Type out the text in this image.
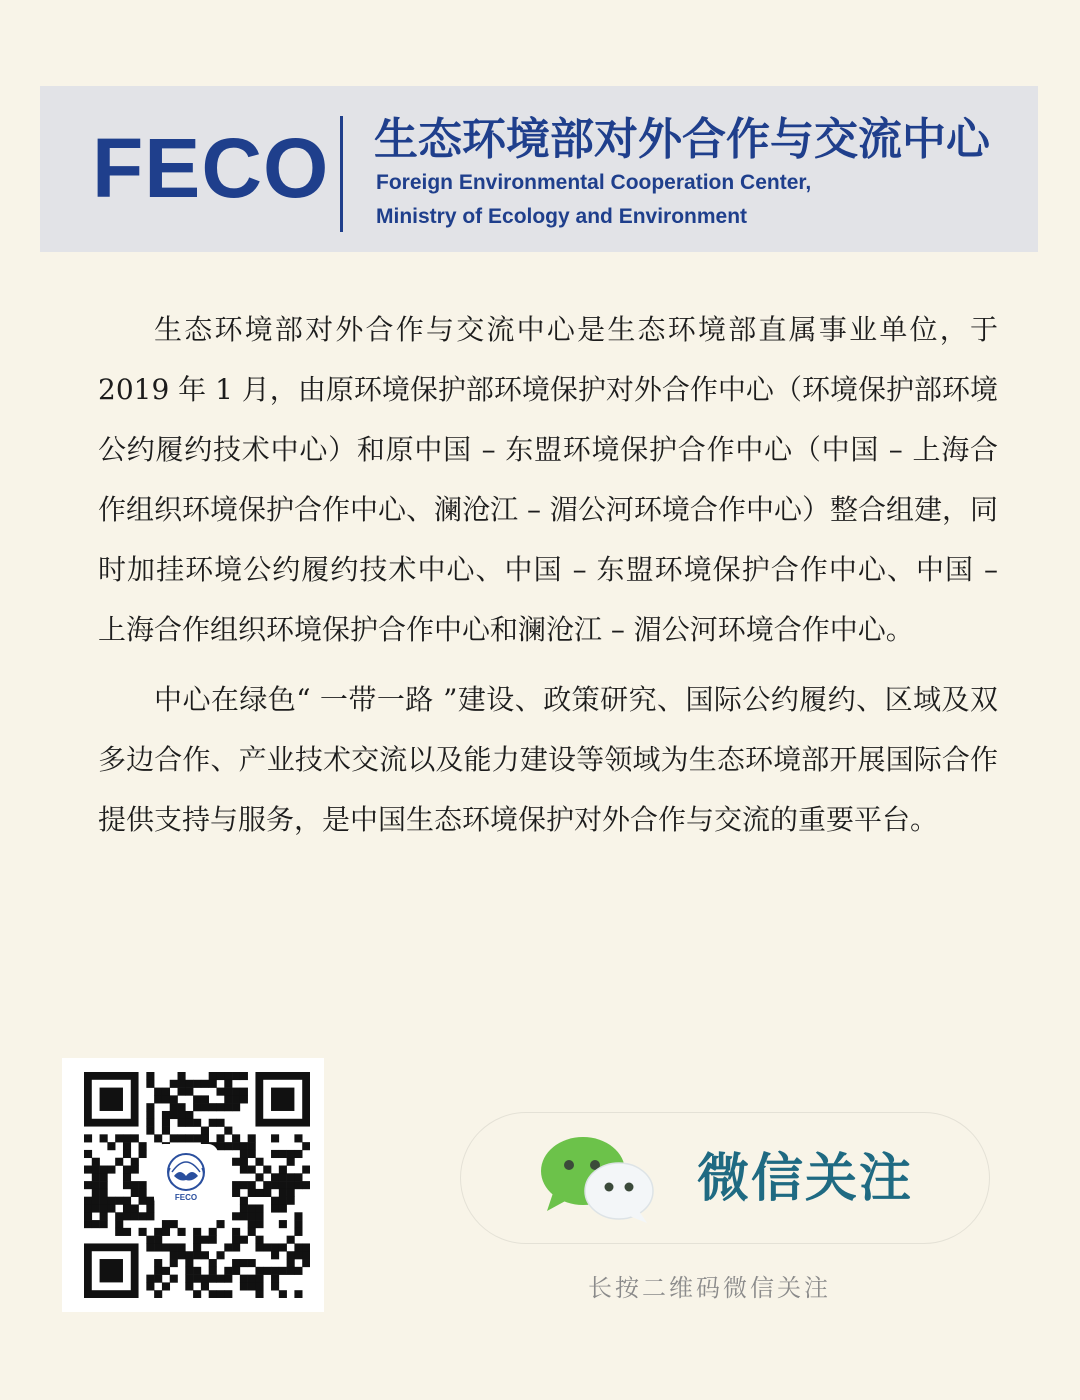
FECO 生态环境部对外合作与交流中心
Foreign Environmental Cooperation Center,
Ministry of Ecology and Environment

生态环境部对外合作与交流中心是生态环境部直属事业单位，于 2019 年 1 月，由原环境保护部环境保护对外合作中心（环境保护部环境公约履约技术中心）和原中国 – 东盟环境保护合作中心（中国 – 上海合作组织环境保护合作中心、澜沧江 – 湄公河环境合作中心）整合组建，同时加挂环境公约履约技术中心、中国 – 东盟环境保护合作中心、中国 – 上海合作组织环境保护合作中心和澜沧江 – 湄公河环境合作中心。

中心在绿色“ 一带一路 ”建设、政策研究、国际公约履约、区域及双多边合作、产业技术交流以及能力建设等领域为生态环境部开展国际合作提供支持与服务，是中国生态环境保护对外合作与交流的重要平台。

FECO	微信关注
长按二维码微信关注
